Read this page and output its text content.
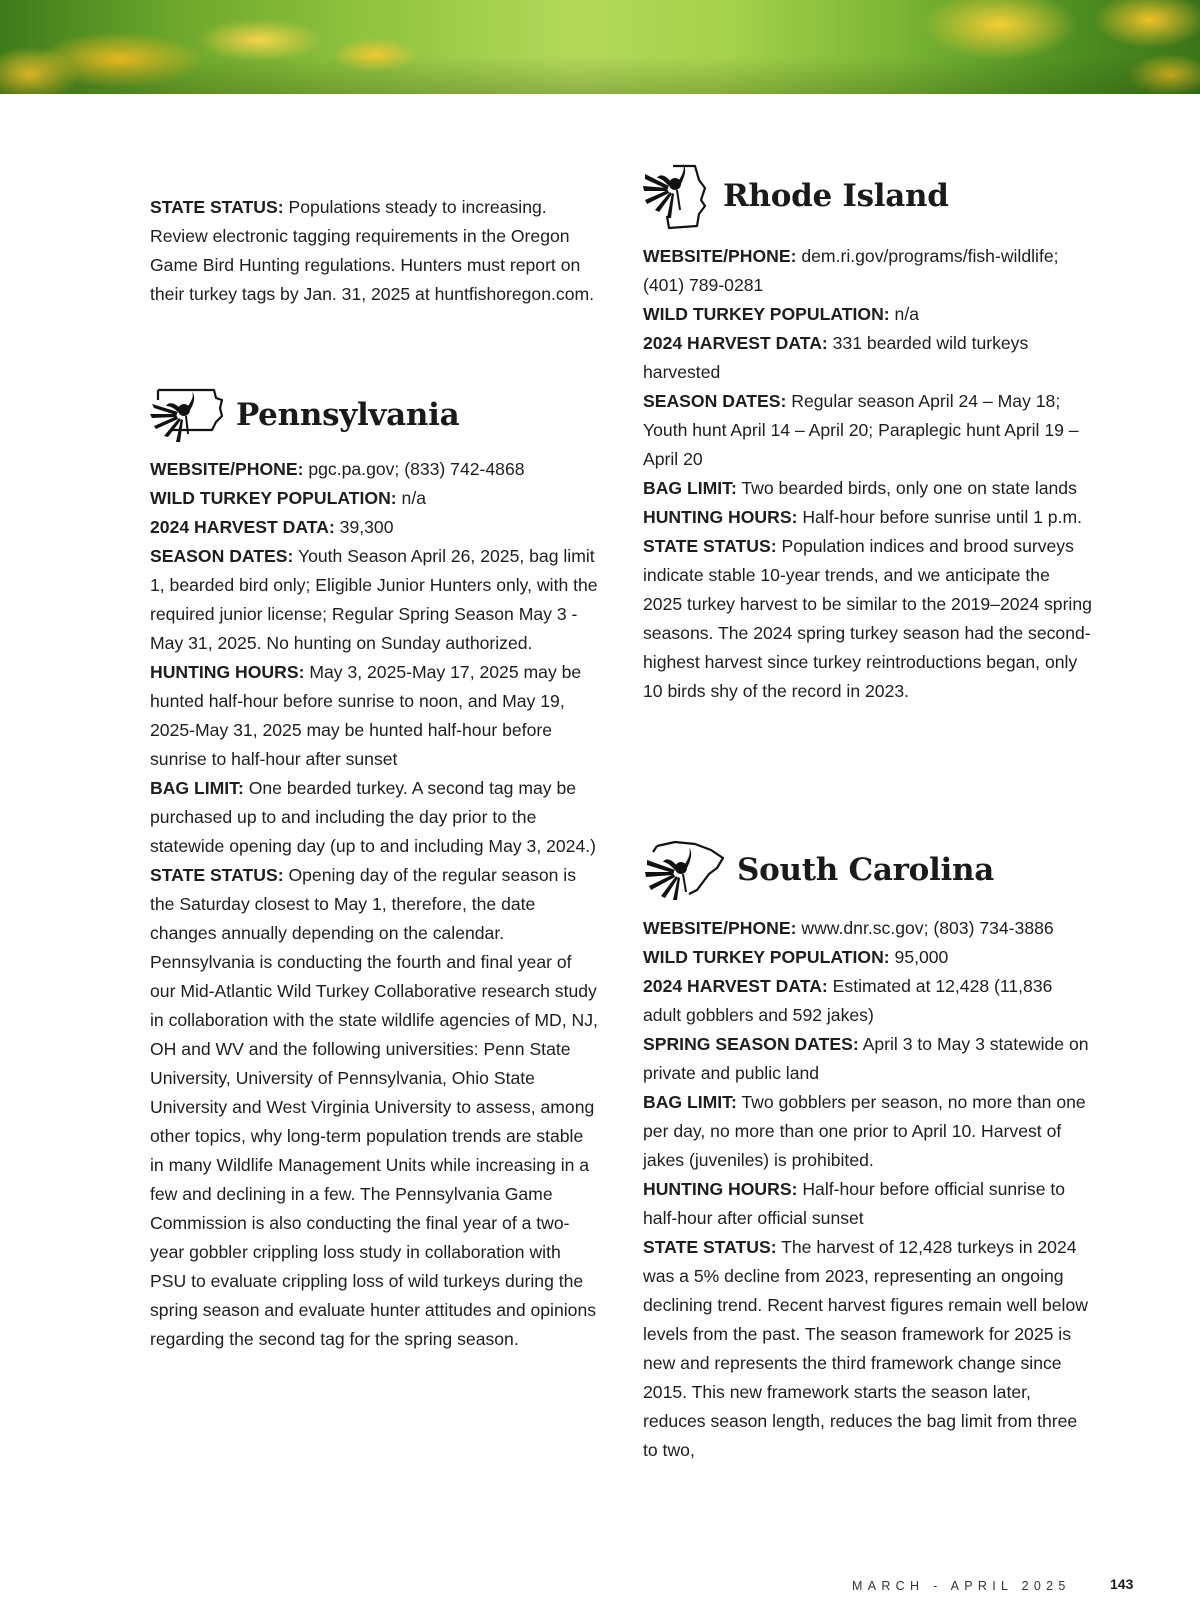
STATE STATUS: Populations steady to increasing. Review electronic tagging requirements in the Oregon Game Bird Hunting regulations. Hunters must report on their turkey tags by Jan. 31, 2025 at huntfishoregon.com.
Pennsylvania
WEBSITE/PHONE: pgc.pa.gov; (833) 742-4868
WILD TURKEY POPULATION: n/a
2024 HARVEST DATA: 39,300
SEASON DATES: Youth Season April 26, 2025, bag limit 1, bearded bird only; Eligible Junior Hunters only, with the required junior license; Regular Spring Season May 3 - May 31, 2025. No hunting on Sunday authorized.
HUNTING HOURS: May 3, 2025-May 17, 2025 may be hunted half-hour before sunrise to noon, and May 19, 2025-May 31, 2025 may be hunted half-hour before sunrise to half-hour after sunset
BAG LIMIT: One bearded turkey. A second tag may be purchased up to and including the day prior to the statewide opening day (up to and including May 3, 2024.)
STATE STATUS: Opening day of the regular season is the Saturday closest to May 1, therefore, the date changes annually depending on the calendar. Pennsylvania is conducting the fourth and final year of our Mid-Atlantic Wild Turkey Collaborative research study in collaboration with the state wildlife agencies of MD, NJ, OH and WV and the following universities: Penn State University, University of Pennsylvania, Ohio State University and West Virginia University to assess, among other topics, why long-term population trends are stable in many Wildlife Management Units while increasing in a few and declining in a few. The Pennsylvania Game Commission is also conducting the final year of a two-year gobbler crippling loss study in collaboration with PSU to evaluate crippling loss of wild turkeys during the spring season and evaluate hunter attitudes and opinions regarding the second tag for the spring season.
Rhode Island
WEBSITE/PHONE: dem.ri.gov/programs/fish-wildlife; (401) 789-0281
WILD TURKEY POPULATION: n/a
2024 HARVEST DATA: 331 bearded wild turkeys harvested
SEASON DATES: Regular season April 24 – May 18; Youth hunt April 14 – April 20; Paraplegic hunt April 19 – April 20
BAG LIMIT: Two bearded birds, only one on state lands
HUNTING HOURS: Half-hour before sunrise until 1 p.m.
STATE STATUS: Population indices and brood surveys indicate stable 10-year trends, and we anticipate the 2025 turkey harvest to be similar to the 2019–2024 spring seasons. The 2024 spring turkey season had the second-highest harvest since turkey reintroductions began, only 10 birds shy of the record in 2023.
South Carolina
WEBSITE/PHONE: www.dnr.sc.gov; (803) 734-3886
WILD TURKEY POPULATION: 95,000
2024 HARVEST DATA: Estimated at 12,428 (11,836 adult gobblers and 592 jakes)
SPRING SEASON DATES: April 3 to May 3 statewide on private and public land
BAG LIMIT: Two gobblers per season, no more than one per day, no more than one prior to April 10. Harvest of jakes (juveniles) is prohibited.
HUNTING HOURS: Half-hour before official sunrise to half-hour after official sunset
STATE STATUS: The harvest of 12,428 turkeys in 2024 was a 5% decline from 2023, representing an ongoing declining trend. Recent harvest figures remain well below levels from the past. The season framework for 2025 is new and represents the third framework change since 2015. This new framework starts the season later, reduces season length, reduces the bag limit from three to two,
MARCH - APRIL 2025	143
